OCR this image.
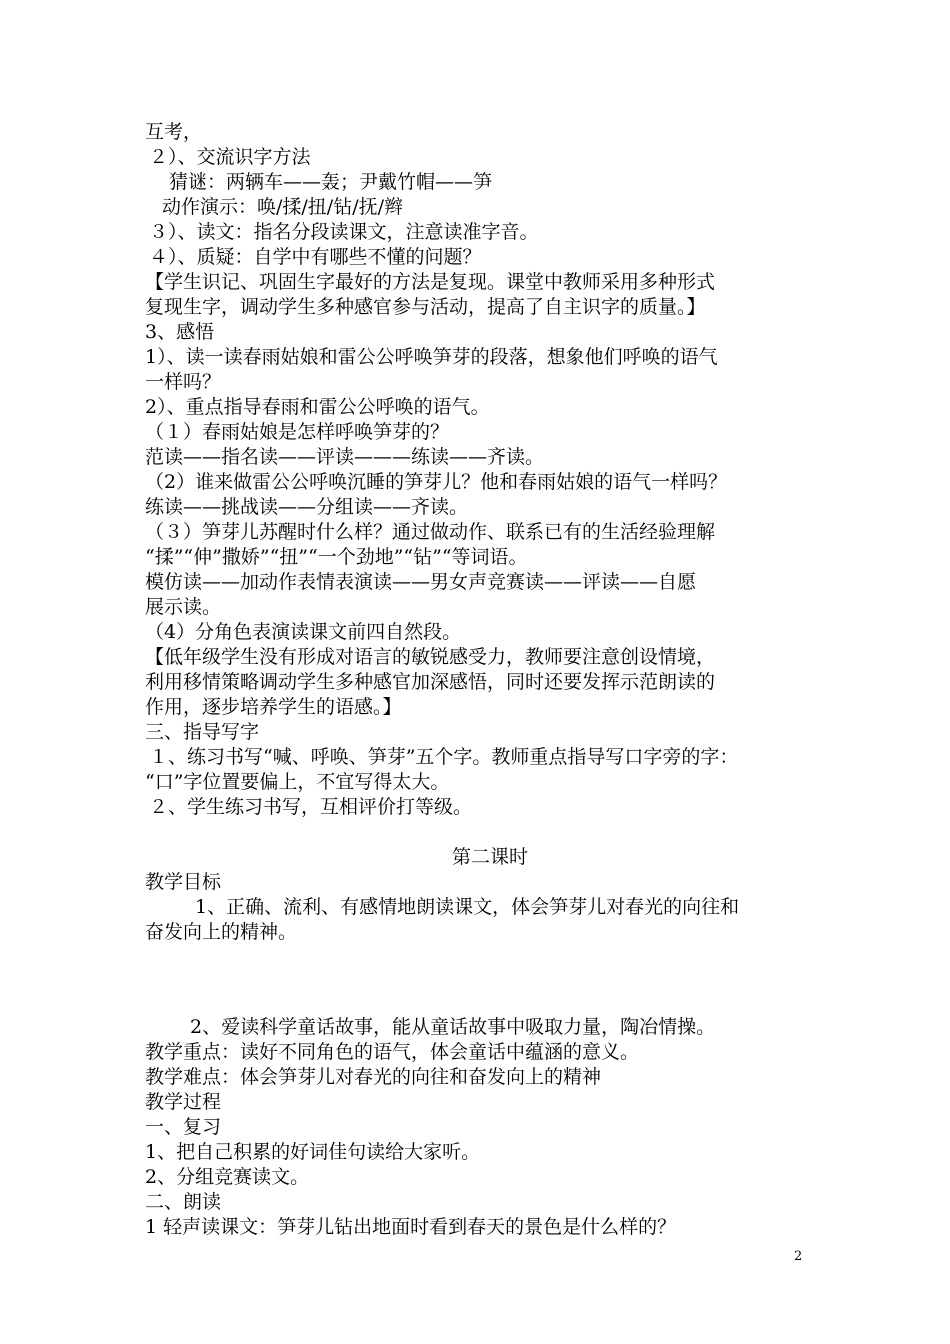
互考，
２）、交流识字方法
猜谜：两辆车——轰；尹戴竹帽——笋
动作演示：唤/揉/扭/钻/抚/辫
３）、读文：指名分段读课文，注意读准字音。
４）、质疑：自学中有哪些不懂的问题？
【学生识记、巩固生字最好的方法是复现。课堂中教师采用多种形式
复现生字，调动学生多种感官参与活动，提高了自主识字的质量。】
3、感悟
1）、读一读春雨姑娘和雷公公呼唤笋芽的段落，想象他们呼唤的语气
一样吗？
2）、重点指导春雨和雷公公呼唤的语气。
（１）春雨姑娘是怎样呼唤笋芽的？
范读——指名读——评读———练读——齐读。
（2）谁来做雷公公呼唤沉睡的笋芽儿？他和春雨姑娘的语气一样吗？
练读——挑战读——分组读——齐读。
（３）笋芽儿苏醒时什么样？通过做动作、联系已有的生活经验理解
“揉”“伸”撒娇”“扭”“一个劲地”“钻”“等词语。
模仿读——加动作表情表演读——男女声竞赛读——评读——自愿
展示读。
（4）分角色表演读课文前四自然段。
【低年级学生没有形成对语言的敏锐感受力，教师要注意创设情境，
利用移情策略调动学生多种感官加深感悟，同时还要发挥示范朗读的
作用，逐步培养学生的语感。】
三、指导写字
１、练习书写“喊、呼唤、笋芽”五个字。教师重点指导写口字旁的字：
“口”字位置要偏上，不宜写得太大。
２、学生练习书写，互相评价打等级。
第二课时
教学目标
1、正确、流利、有感情地朗读课文，体会笋芽儿对春光的向往和
奋发向上的精神。
2、爱读科学童话故事，能从童话故事中吸取力量，陶冶情操。
教学重点：读好不同角色的语气，体会童话中蕴涵的意义。
教学难点：体会笋芽儿对春光的向往和奋发向上的精神
教学过程
一、复习
1、把自己积累的好词佳句读给大家听。
2、分组竞赛读文。
二、朗读
1 轻声读课文：笋芽儿钻出地面时看到春天的景色是什么样的？
2
